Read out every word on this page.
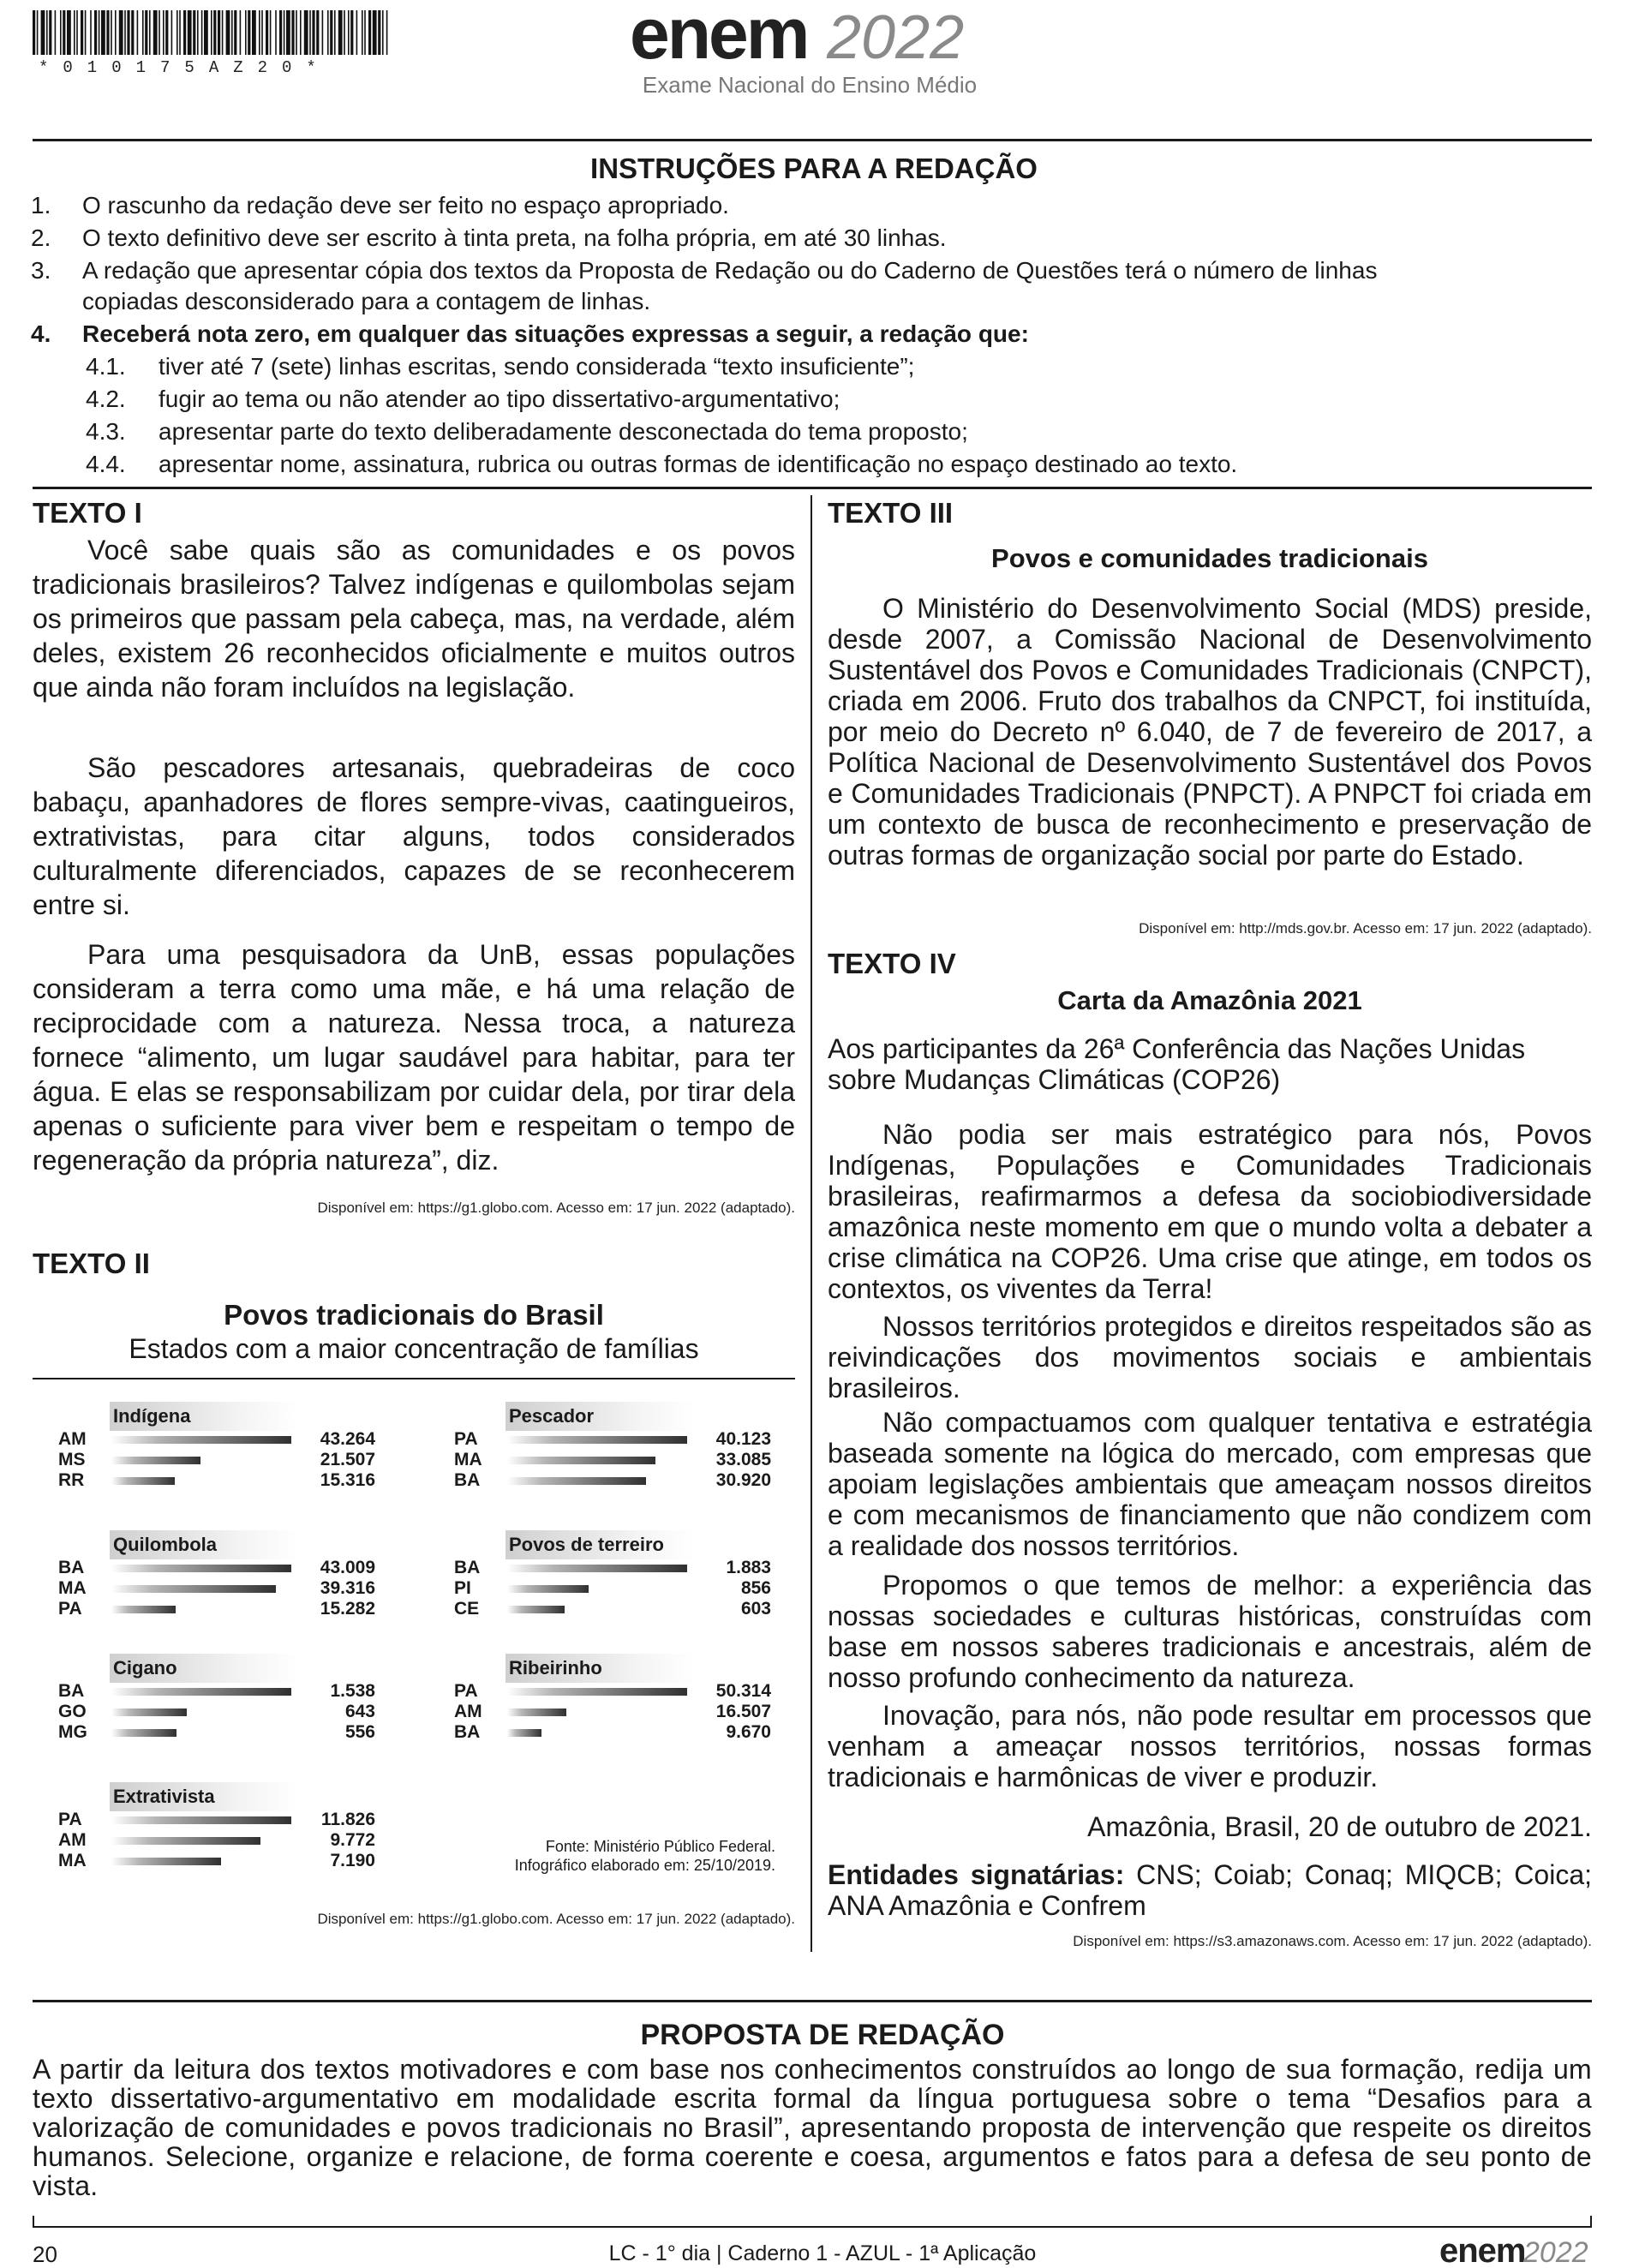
*010175AZ20*	enem 2022
Exame Nacional do Ensino Médio
INSTRUÇÕES PARA A REDAÇÃO
1. O rascunho da redação deve ser feito no espaço apropriado.
2. O texto definitivo deve ser escrito à tinta preta, na folha própria, em até 30 linhas.
3. A redação que apresentar cópia dos textos da Proposta de Redação ou do Caderno de Questões terá o número de linhas
copiadas desconsiderado para a contagem de linhas.
4. Receberá nota zero, em qualquer das situações expressas a seguir, a redação que:
4.1. tiver até 7 (sete) linhas escritas, sendo considerada “texto insuficiente”;
4.2. fugir ao tema ou não atender ao tipo dissertativo-argumentativo;
4.3. apresentar parte do texto deliberadamente desconectada do tema proposto;
4.4. apresentar nome, assinatura, rubrica ou outras formas de identificação no espaço destinado ao texto.
TEXTO I

Você sabe quais são as comunidades e os povos tradicionais brasileiros? Talvez indígenas e quilombolas sejam os primeiros que passam pela cabeça, mas, na verdade, além deles, existem 26 reconhecidos oficialmente e muitos outros que ainda não foram incluídos na legislação.

São pescadores artesanais, quebradeiras de coco babaçu, apanhadores de flores sempre-vivas, caatingueiros, extrativistas, para citar alguns, todos considerados culturalmente diferenciados, capazes de se reconhecerem entre si.

Para uma pesquisadora da UnB, essas populações consideram a terra como uma mãe, e há uma relação de reciprocidade com a natureza. Nessa troca, a natureza fornece “alimento, um lugar saudável para habitar, para ter água. E elas se responsabilizam por cuidar dela, por tirar dela apenas o suficiente para viver bem e respeitam o tempo de regeneração da própria natureza”, diz.

Disponível em: https://g1.globo.com. Acesso em: 17 jun. 2022 (adaptado).
TEXTO II
Povos tradicionais do Brasil
Estados com a maior concentração de famílias
Indígena
AM	43.264
MS	21.507
RR	15.316
Pescador
PA	40.123
MA	33.085
BA	30.920
Quilombola
BA	43.009
MA	39.316
PA	15.282
Povos de terreiro
BA	1.883
PI	856
CE	603
Cigano
BA	1.538
GO	643
MG	556
Ribeirinho
PA	50.314
AM	16.507
BA	9.670
Extrativista
PA	11.826
AM	9.772
MA	7.190
Fonte: Ministério Público Federal.
Infográfico elaborado em: 25/10/2019.
Disponível em: https://g1.globo.com. Acesso em: 17 jun. 2022 (adaptado).
TEXTO III
Povos e comunidades tradicionais

O Ministério do Desenvolvimento Social (MDS) preside, desde 2007, a Comissão Nacional de Desenvolvimento Sustentável dos Povos e Comunidades Tradicionais (CNPCT), criada em 2006. Fruto dos trabalhos da CNPCT, foi instituída, por meio do Decreto nº 6.040, de 7 de fevereiro de 2017, a Política Nacional de Desenvolvimento Sustentável dos Povos e Comunidades Tradicionais (PNPCT). A PNPCT foi criada em um contexto de busca de reconhecimento e preservação de outras formas de organização social por parte do Estado.

Disponível em: http://mds.gov.br. Acesso em: 17 jun. 2022 (adaptado).
TEXTO IV
Carta da Amazônia 2021

Aos participantes da 26ª Conferência das Nações Unidas sobre Mudanças Climáticas (COP26)

Não podia ser mais estratégico para nós, Povos Indígenas, Populações e Comunidades Tradicionais brasileiras, reafirmarmos a defesa da sociobiodiversidade amazônica neste momento em que o mundo volta a debater a crise climática na COP26. Uma crise que atinge, em todos os contextos, os viventes da Terra!

Nossos territórios protegidos e direitos respeitados são as reivindicações dos movimentos sociais e ambientais brasileiros.

Não compactuamos com qualquer tentativa e estratégia baseada somente na lógica do mercado, com empresas que apoiam legislações ambientais que ameaçam nossos direitos e com mecanismos de financiamento que não condizem com a realidade dos nossos territórios.

Propomos o que temos de melhor: a experiência das nossas sociedades e culturas históricas, construídas com base em nossos saberes tradicionais e ancestrais, além de nosso profundo conhecimento da natureza.

Inovação, para nós, não pode resultar em processos que venham a ameaçar nossos territórios, nossas formas tradicionais e harmônicas de viver e produzir.

Amazônia, Brasil, 20 de outubro de 2021.

Entidades signatárias: CNS; Coiab; Conaq; MIQCB; Coica; ANA Amazônia e Confrem

Disponível em: https://s3.amazonaws.com. Acesso em: 17 jun. 2022 (adaptado).
PROPOSTA DE REDAÇÃO

A partir da leitura dos textos motivadores e com base nos conhecimentos construídos ao longo de sua formação, redija um texto dissertativo-argumentativo em modalidade escrita formal da língua portuguesa sobre o tema “Desafios para a valorização de comunidades e povos tradicionais no Brasil”, apresentando proposta de intervenção que respeite os direitos humanos. Selecione, organize e relacione, de forma coerente e coesa, argumentos e fatos para a defesa de seu ponto de vista.

20	LC - 1° dia | Caderno 1 - AZUL - 1ª Aplicação	enem
2022
